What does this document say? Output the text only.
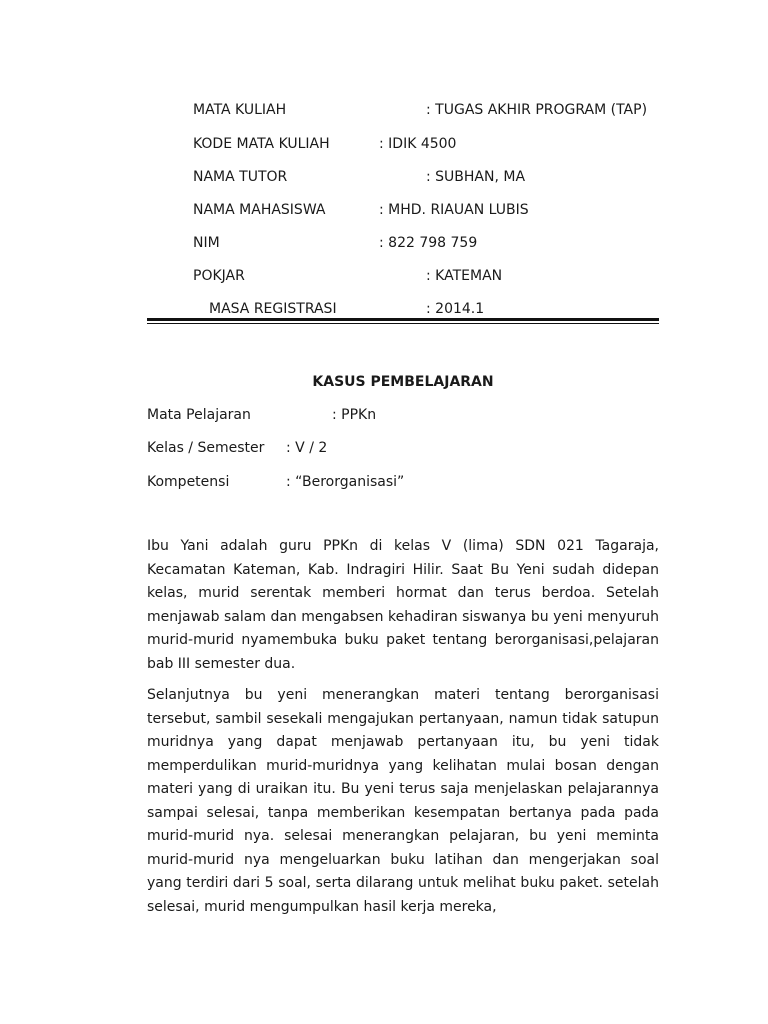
MATA KULIAH	: TUGAS AKHIR PROGRAM (TAP)
KODE MATA KULIAH	: IDIK 4500
NAMA TUTOR	: SUBHAN, MA
NAMA MAHASISWA	: MHD. RIAUAN LUBIS
NIM	: 822 798 759
POKJAR	: KATEMAN
MASA REGISTRASI	: 2014.1
KASUS PEMBELAJARAN
Mata Pelajaran	: PPKn
Kelas / Semester : V / 2
Kompetensi	: “Berorganisasi”

Ibu Yani adalah guru PPKn di kelas V (lima) SDN 021 Tagaraja, Kecamatan Kateman, Kab. Indragiri Hilir. Saat Bu Yeni sudah didepan kelas, murid serentak memberi hormat dan terus berdoa. Setelah menjawab salam dan mengabsen kehadiran siswanya bu yeni menyuruh murid-murid nyamembuka buku paket tentang berorganisasi,pelajaran bab III semester dua.

Selanjutnya bu yeni menerangkan materi tentang berorganisasi tersebut, sambil sesekali mengajukan pertanyaan, namun tidak satupun muridnya yang dapat menjawab pertanyaan itu, bu yeni tidak memperdulikan murid-muridnya yang kelihatan mulai bosan dengan materi yang di uraikan itu. Bu yeni terus saja menjelaskan pelajarannya sampai selesai, tanpa memberikan kesempatan bertanya pada pada murid-murid nya. selesai menerangkan pelajaran, bu yeni meminta murid-murid nya mengeluarkan buku latihan dan mengerjakan soal yang terdiri dari 5 soal, serta dilarang untuk melihat buku paket. setelah selesai, murid mengumpulkan hasil kerja mereka,
